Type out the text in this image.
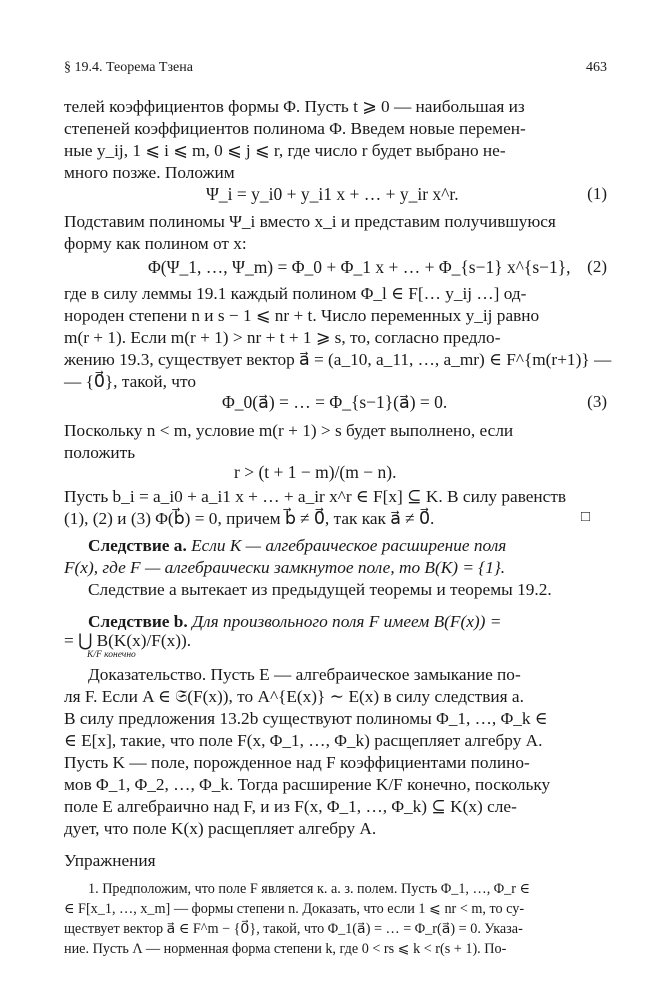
§ 19.4. Теорема Тзена	463
телей коэффициентов формы Φ. Пусть t ⩾ 0 — наибольшая из
степеней коэффициентов полинома Φ. Введем новые перемен-
ные y_ij, 1 ⩽ i ⩽ m, 0 ⩽ j ⩽ r, где число r будет выбрано не-
много позже. Положим
Ψ_i = y_i0 + y_i1 x + … + y_ir x^r.	(1)
Подставим полиномы Ψ_i вместо x_i и представим получившуюся
форму как полином от x:
Φ(Ψ_1, …, Ψ_m) = Φ_0 + Φ_1 x + … + Φ_{s−1} x^{s−1}, (2)
где в силу леммы 19.1 каждый полином Φ_l ∈ F[… y_ij …] од-
нороден степени n и s − 1 ⩽ nr + t. Число переменных y_ij равно
m(r + 1). Если m(r + 1) > nr + t + 1 ⩾ s, то, согласно предло-
жению 19.3, существует вектор a⃗ = (a_10, a_11, …, a_mr) ∈ F^{m(r+1)} —
— {0⃗}, такой, что
Φ_0(a⃗) = … = Φ_{s−1}(a⃗) = 0.	(3)
Поскольку n < m, условие m(r + 1) > s будет выполнено, если
положить
r > (t + 1 − m)/(m − n).
Пусть b_i = a_i0 + a_i1 x + … + a_ir x^r ∈ F[x] ⊆ K. В силу равенств
(1), (2) и (3) Φ(b⃗) = 0, причем b⃗ ≠ 0⃗, так как a⃗ ≠ 0⃗.	□
Следствие а. Если K — алгебраическое расширение поля
F(x), где F — алгебраически замкнутое поле, то B(K) = {1}.
Следствие а вытекает из предыдущей теоремы и теоремы 19.2.
Следствие b. Для произвольного поля F имеем B(F(x)) =
= ⋃ B(K(x)/F(x)).
K/F конечно
Доказательство. Пусть E — алгебраическое замыкание по-
ля F. Если A ∈ 𝔖(F(x)), то A^{E(x)} ∼ E(x) в силу следствия а.
В силу предложения 13.2b существуют полиномы Φ_1, …, Φ_k ∈
∈ E[x], такие, что поле F(x, Φ_1, …, Φ_k) расщепляет алгебру A.
Пусть K — поле, порожденное над F коэффициентами полино-
мов Φ_1, Φ_2, …, Φ_k. Тогда расширение K/F конечно, поскольку
поле E алгебраично над F, и из F(x, Φ_1, …, Φ_k) ⊆ K(x) сле-
дует, что поле K(x) расщепляет алгебру A.
Упражнения
1. Предположим, что поле F является к. а. з. полем. Пусть Φ_1, …, Φ_r ∈
∈ F[x_1, …, x_m] — формы степени n. Доказать, что если 1 ⩽ nr < m, то су-
ществует вектор a⃗ ∈ F^m − {0⃗}, такой, что Φ_1(a⃗) = … = Φ_r(a⃗) = 0. Указа-
ние. Пусть Λ — норменная форма степени k, где 0 < rs ⩽ k < r(s + 1). По-
